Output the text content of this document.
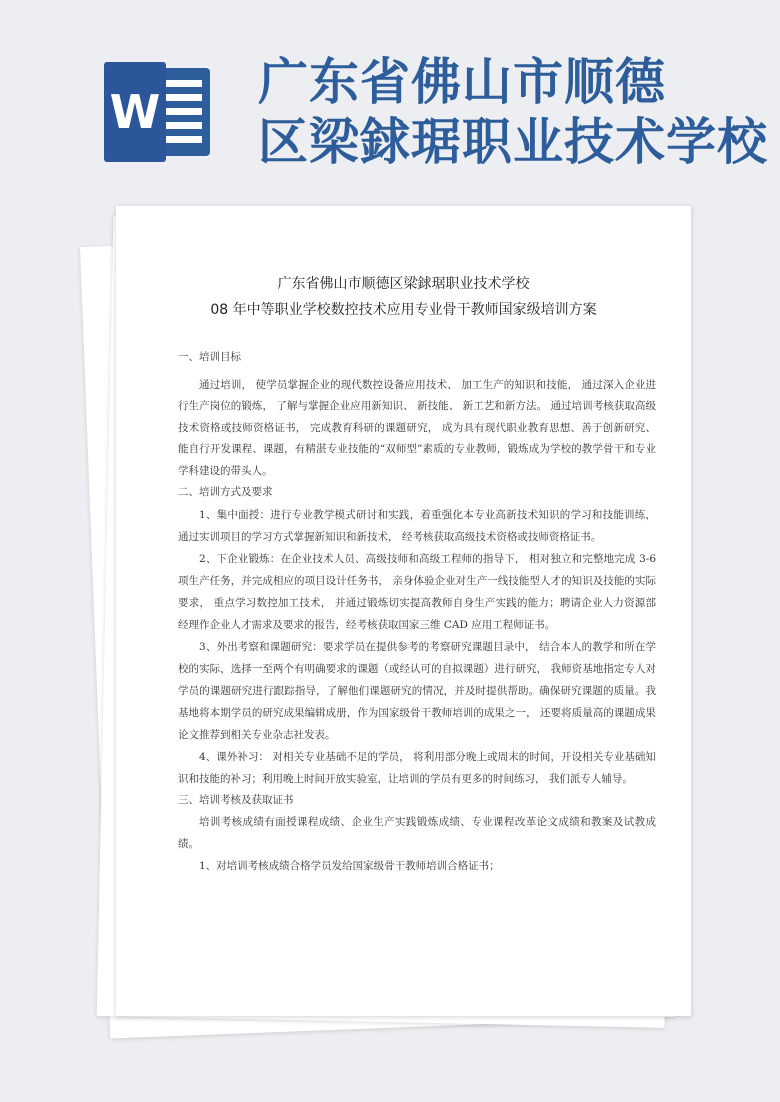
W
广东省佛山市顺德
区梁銶琚职业技术学校
广东省佛山市顺德区梁銶琚职业技术学校
08 年中等职业学校数控技术应用专业骨干教师国家级培训方案

一、培训目标

通过培训， 使学员掌握企业的现代数控设备应用技术、 加工生产的知识和技能， 通过深入企业进行生产岗位的锻炼， 了解与掌握企业应用新知识、 新技能、 新工艺和新方法。 通过培训考核获取高级技术资格或技师资格证书， 完成教育科研的课题研究， 成为具有现代职业教育思想、善于创新研究、能自行开发课程、课题，有精湛专业技能的“双师型”素质的专业教师，锻炼成为学校的教学骨干和专业学科建设的带头人。

二、培训方式及要求

1、集中面授：进行专业教学模式研讨和实践，着重强化本专业高新技术知识的学习和技能训练， 通过实训项目的学习方式掌握新知识和新技术， 经考核获取高级技术资格或技师资格证书。

2、下企业锻炼：在企业技术人员、高级技师和高级工程师的指导下， 相对独立和完整地完成 3-6 项生产任务，并完成相应的项目设计任务书， 亲身体验企业对生产一线技能型人才的知识及技能的实际要求， 重点学习数控加工技术， 并通过锻炼切实提高教师自身生产实践的能力；聘请企业人力资源部经理作企业人才需求及要求的报告，经考核获取国家三维 CAD 应用工程师证书。

3、外出考察和课题研究：要求学员在提供参考的考察研究课题目录中， 结合本人的教学和所在学校的实际，选择一至两个有明确要求的课题（或经认可的自拟课题）进行研究， 我师资基地指定专人对学员的课题研究进行跟踪指导，了解他们课题研究的情况，并及时提供帮助。确保研究课题的质量。我基地将本期学员的研究成果编辑成册，作为国家级骨干教师培训的成果之一， 还要将质量高的课题成果论文推荐到相关专业杂志社发表。

4、课外补习： 对相关专业基础不足的学员， 将利用部分晚上或周末的时间，开设相关专业基础知识和技能的补习；利用晚上时间开放实验室，让培训的学员有更多的时间练习， 我们派专人辅导。

三、培训考核及获取证书

培训考核成绩有面授课程成绩、企业生产实践锻炼成绩、专业课程改革论文成绩和教案及试教成绩。

1、对培训考核成绩合格学员发给国家级骨干教师培训合格证书；
